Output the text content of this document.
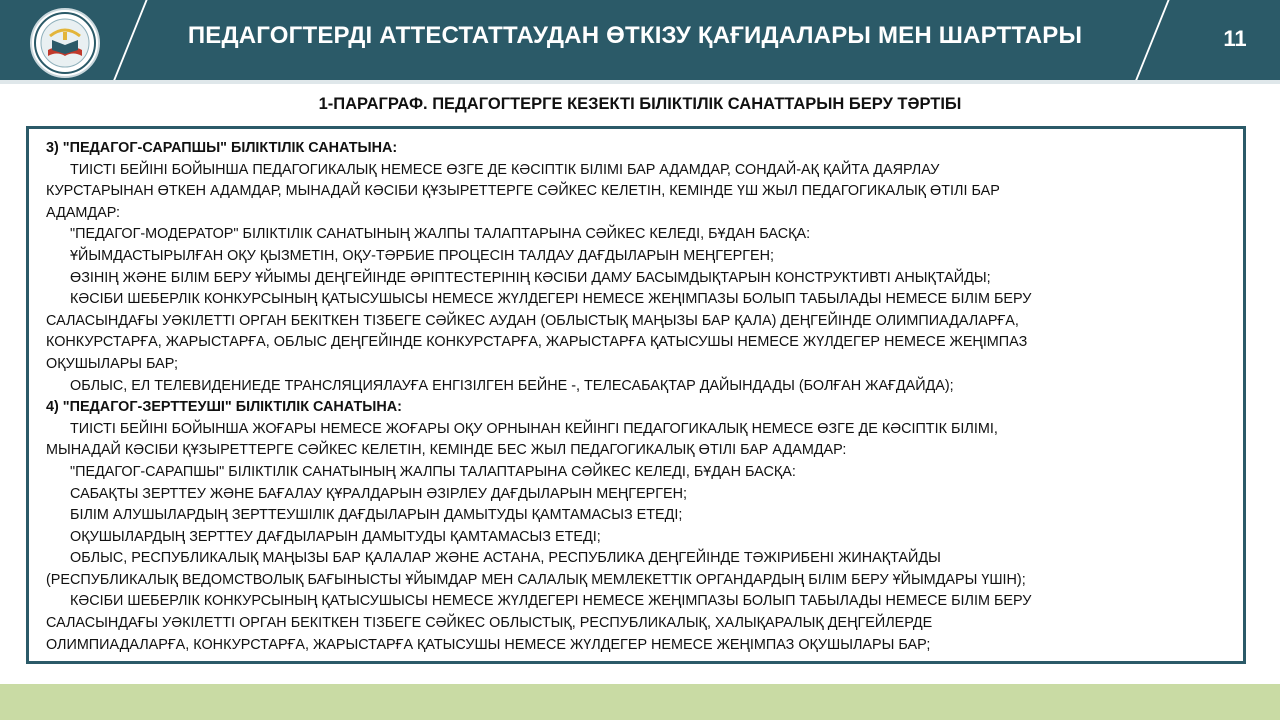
ПЕДАГОГТЕРДІ АТТЕСТАТТАУДАН ӨТКІЗУ ҚАҒИДАЛАРЫ МЕН ШАРТТАРЫ	11
1-ПАРАГРАФ. ПЕДАГОГТЕРГЕ КЕЗЕКТІ БІЛІКТІЛІК САНАТТАРЫН БЕРУ ТӘРТІБІ
3) "ПЕДАГОГ-САРАПШЫ" БІЛІКТІЛІК САНАТЫНА:
ТИІСТІ БЕЙІНІ БОЙЫНША ПЕДАГОГИКАЛЫҚ НЕМЕСЕ ӨЗГЕ ДЕ КӘСІПТІК БІЛІМІ БАР АДАМДАР, СОНДАЙ-АҚ ҚАЙТА ДАЯРЛАУ
КУРСТАРЫНАН ӨТКЕН АДАМДАР, МЫНАДАЙ КӘСІБИ ҚҰЗЫРЕТТЕРГЕ СӘЙКЕС КЕЛЕТІН, КЕМІНДЕ ҮШ ЖЫЛ ПЕДАГОГИКАЛЫҚ ӨТІЛІ БАР
АДАМДАР:
"ПЕДАГОГ-МОДЕРАТОР" БІЛІКТІЛІК САНАТЫНЫҢ ЖАЛПЫ ТАЛАПТАРЫНА СӘЙКЕС КЕЛЕДІ, БҰДАН БАСҚА:
ҰЙЫМДАСТЫРЫЛҒАН ОҚУ ҚЫЗМЕТІН, ОҚУ-ТӘРБИЕ ПРОЦЕСІН ТАЛДАУ ДАҒДЫЛАРЫН МЕҢГЕРГЕН;
ӨЗІНІҢ ЖӘНЕ БІЛІМ БЕРУ ҰЙЫМЫ ДЕҢГЕЙІНДЕ ӘРІПТЕСТЕРІНІҢ КӘСІБИ ДАМУ БАСЫМДЫҚТАРЫН КОНСТРУКТИВТІ АНЫҚТАЙДЫ;
КӘСІБИ ШЕБЕРЛІК КОНКУРСЫНЫҢ ҚАТЫСУШЫСЫ НЕМЕСЕ ЖҮЛДЕГЕРІ НЕМЕСЕ ЖЕҢІМПАЗЫ БОЛЫП ТАБЫЛАДЫ НЕМЕСЕ БІЛІМ БЕРУ
САЛАСЫНДАҒЫ УӘКІЛЕТТІ ОРГАН БЕКІТКЕН ТІЗБЕГЕ СӘЙКЕС АУДАН (ОБЛЫСТЫҚ МАҢЫЗЫ БАР ҚАЛА) ДЕҢГЕЙІНДЕ ОЛИМПИАДАЛАРҒА,
КОНКУРСТАРҒА, ЖАРЫСТАРҒА, ОБЛЫС ДЕҢГЕЙІНДЕ КОНКУРСТАРҒА, ЖАРЫСТАРҒА ҚАТЫСУШЫ НЕМЕСЕ ЖҮЛДЕГЕР НЕМЕСЕ ЖЕҢІМПАЗ
ОҚУШЫЛАРЫ БАР;
ОБЛЫС, ЕЛ ТЕЛЕВИДЕНИЕДЕ ТРАНСЛЯЦИЯЛАУҒА ЕНГІЗІЛГЕН БЕЙНЕ -, ТЕЛЕСАБАҚТАР ДАЙЫНДАДЫ (БОЛҒАН ЖАҒДАЙДА);
4) "ПЕДАГОГ-ЗЕРТТЕУШІ" БІЛІКТІЛІК САНАТЫНА:
ТИІСТІ БЕЙІНІ БОЙЫНША ЖОҒАРЫ НЕМЕСЕ ЖОҒАРЫ ОҚУ ОРНЫНАН КЕЙІНГІ ПЕДАГОГИКАЛЫҚ НЕМЕСЕ ӨЗГЕ ДЕ КӘСІПТІК БІЛІМІ,
МЫНАДАЙ КӘСІБИ ҚҰЗЫРЕТТЕРГЕ СӘЙКЕС КЕЛЕТІН, КЕМІНДЕ БЕС ЖЫЛ ПЕДАГОГИКАЛЫҚ ӨТІЛІ БАР АДАМДАР:
"ПЕДАГОГ-САРАПШЫ" БІЛІКТІЛІК САНАТЫНЫҢ ЖАЛПЫ ТАЛАПТАРЫНА СӘЙКЕС КЕЛЕДІ, БҰДАН БАСҚА:
САБАҚТЫ ЗЕРТТЕУ ЖӘНЕ БАҒАЛАУ ҚҰРАЛДАРЫН ӘЗІРЛЕУ ДАҒДЫЛАРЫН МЕҢГЕРГЕН;
БІЛІМ АЛУШЫЛАРДЫҢ ЗЕРТТЕУШІЛІК ДАҒДЫЛАРЫН ДАМЫТУДЫ ҚАМТАМАСЫЗ ЕТЕДІ;
ОҚУШЫЛАРДЫҢ ЗЕРТТЕУ ДАҒДЫЛАРЫН ДАМЫТУДЫ ҚАМТАМАСЫЗ ЕТЕДІ;
ОБЛЫС, РЕСПУБЛИКАЛЫҚ МАҢЫЗЫ БАР ҚАЛАЛАР ЖӘНЕ АСТАНА, РЕСПУБЛИКА ДЕҢГЕЙІНДЕ ТӘЖІРИБЕНІ ЖИНАҚТАЙДЫ
(РЕСПУБЛИКАЛЫҚ ВЕДОМСТВОЛЫҚ БАҒЫНЫСТЫ ҰЙЫМДАР МЕН САЛАЛЫҚ МЕМЛЕКЕТТІК ОРГАНДАРДЫҢ БІЛІМ БЕРУ ҰЙЫМДАРЫ ҮШІН);
КӘСІБИ ШЕБЕРЛІК КОНКУРСЫНЫҢ ҚАТЫСУШЫСЫ НЕМЕСЕ ЖҮЛДЕГЕРІ НЕМЕСЕ ЖЕҢІМПАЗЫ БОЛЫП ТАБЫЛАДЫ НЕМЕСЕ БІЛІМ БЕРУ
САЛАСЫНДАҒЫ УӘКІЛЕТТІ ОРГАН БЕКІТКЕН ТІЗБЕГЕ СӘЙКЕС ОБЛЫСТЫҚ, РЕСПУБЛИКАЛЫҚ, ХАЛЫҚАРАЛЫҚ ДЕҢГЕЙЛЕРДЕ
ОЛИМПИАДАЛАРҒА, КОНКУРСТАРҒА, ЖАРЫСТАРҒА ҚАТЫСУШЫ НЕМЕСЕ ЖҮЛДЕГЕР НЕМЕСЕ ЖЕҢІМПАЗ ОҚУШЫЛАРЫ БАР;
